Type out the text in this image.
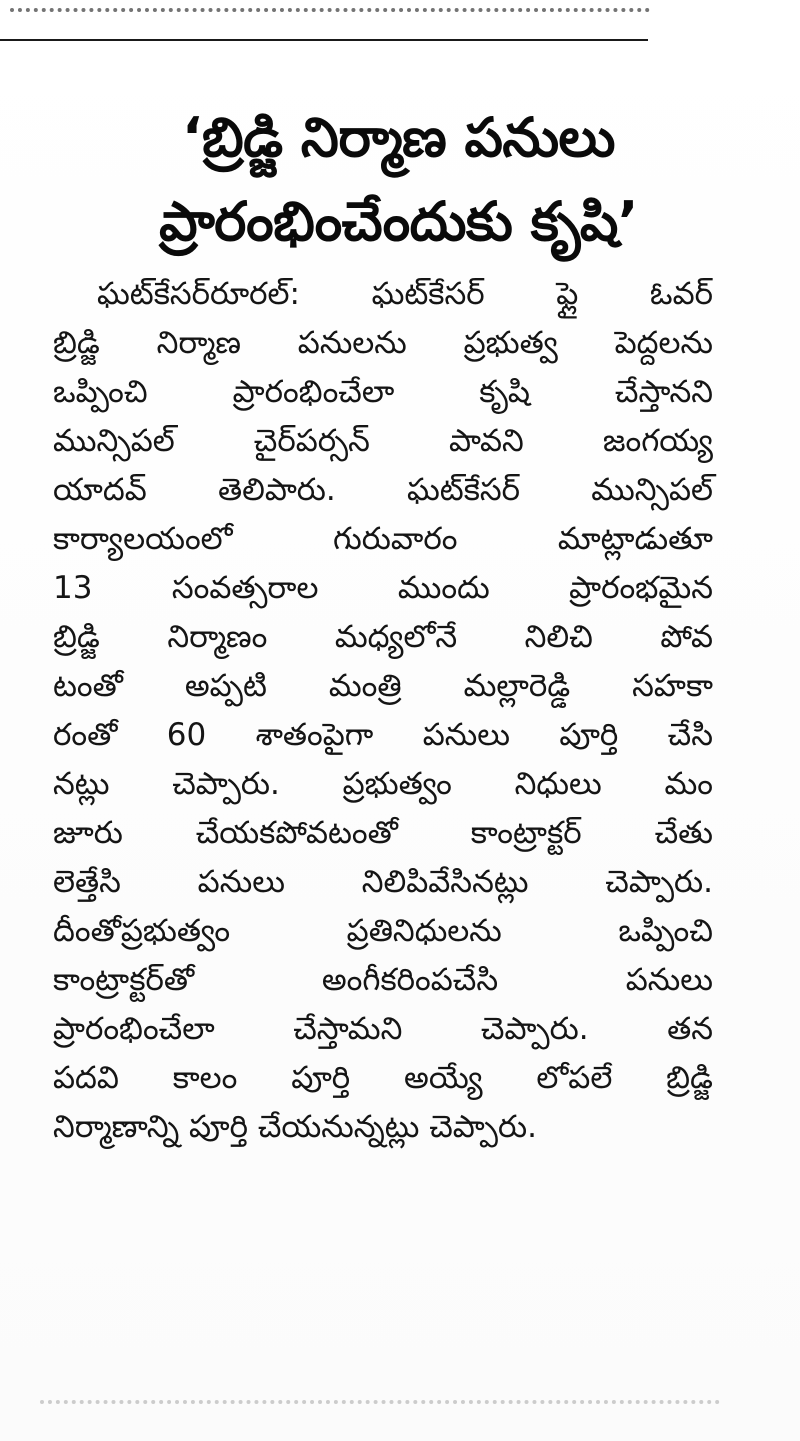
‘బ్రిడ్జి నిర్మాణ పనులు
ప్రారంభించేందుకు కృషి’
ఘట్‌కేసర్‌రూరల్: ఘట్‌కేసర్ ఫ్లై ఓవర్
బ్రిడ్జి నిర్మాణ పనులను ప్రభుత్వ పెద్దలను
ఒప్పించి ప్రారంభించేలా కృషి చేస్తానని
మున్సిపల్ చైర్‌పర్సన్ పావని జంగయ్య
యాదవ్ తెలిపారు. ఘట్‌కేసర్ మున్సిపల్
కార్యాలయంలో గురువారం మాట్లాడుతూ
13 సంవత్సరాల ముందు ప్రారంభమైన
బ్రిడ్జి నిర్మాణం మధ్యలోనే నిలిచి పోవ
టంతో అప్పటి మంత్రి మల్లారెడ్డి సహకా
రంతో 60 శాతంపైగా పనులు పూర్తి చేసి
నట్లు చెప్పారు. ప్రభుత్వం నిధులు మం
జూరు చేయకపోవటంతో కాంట్రాక్టర్ చేతు
లెత్తేసి పనులు నిలిపివేసినట్లు చెప్పారు.
దీంతోప్రభుత్వం ప్రతినిధులను ఒప్పించి
కాంట్రాక్టర్‌తో అంగీకరింపచేసి పనులు
ప్రారంభించేలా చేస్తామని చెప్పారు. తన
పదవి కాలం పూర్తి అయ్యే లోపలే బ్రిడ్జి
నిర్మాణాన్ని పూర్తి చేయనున్నట్లు చెప్పారు.
